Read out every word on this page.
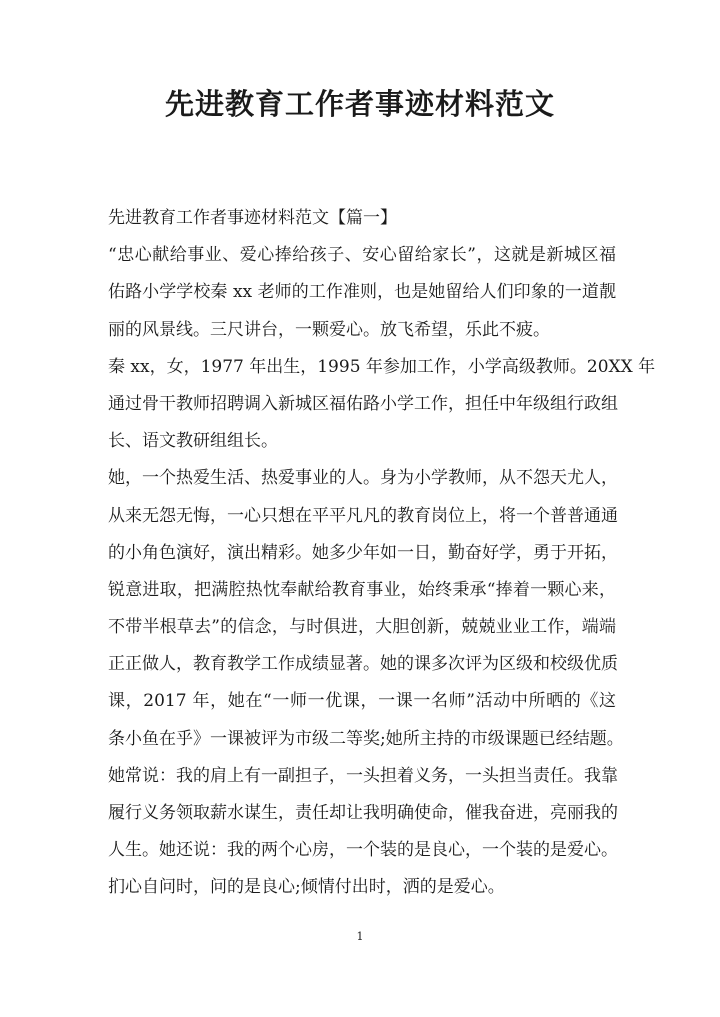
先进教育工作者事迹材料范文
先进教育工作者事迹材料范文【篇一】
“忠心献给事业、爱心捧给孩子、安心留给家长”，这就是新城区福
佑路小学学校秦 xx 老师的工作准则，也是她留给人们印象的一道靓
丽的风景线。三尺讲台，一颗爱心。放飞希望，乐此不疲。
秦 xx，女，1977 年出生，1995 年参加工作，小学高级教师。20XX 年
通过骨干教师招聘调入新城区福佑路小学工作，担任中年级组行政组
长、语文教研组组长。
她，一个热爱生活、热爱事业的人。身为小学教师，从不怨天尤人，
从来无怨无悔，一心只想在平平凡凡的教育岗位上，将一个普普通通
的小角色演好，演出精彩。她多少年如一日，勤奋好学，勇于开拓，
锐意进取，把满腔热忱奉献给教育事业，始终秉承“捧着一颗心来，
不带半根草去”的信念，与时俱进，大胆创新，兢兢业业工作，端端
正正做人，教育教学工作成绩显著。她的课多次评为区级和校级优质
课，2017 年，她在“一师一优课，一课一名师”活动中所晒的《这
条小鱼在乎》一课被评为市级二等奖;她所主持的市级课题已经结题。
她常说：我的肩上有一副担子，一头担着义务，一头担当责任。我靠
履行义务领取薪水谋生，责任却让我明确使命，催我奋进，亮丽我的
人生。她还说：我的两个心房，一个装的是良心，一个装的是爱心。
扪心自问时，问的是良心;倾情付出时，洒的是爱心。
1
